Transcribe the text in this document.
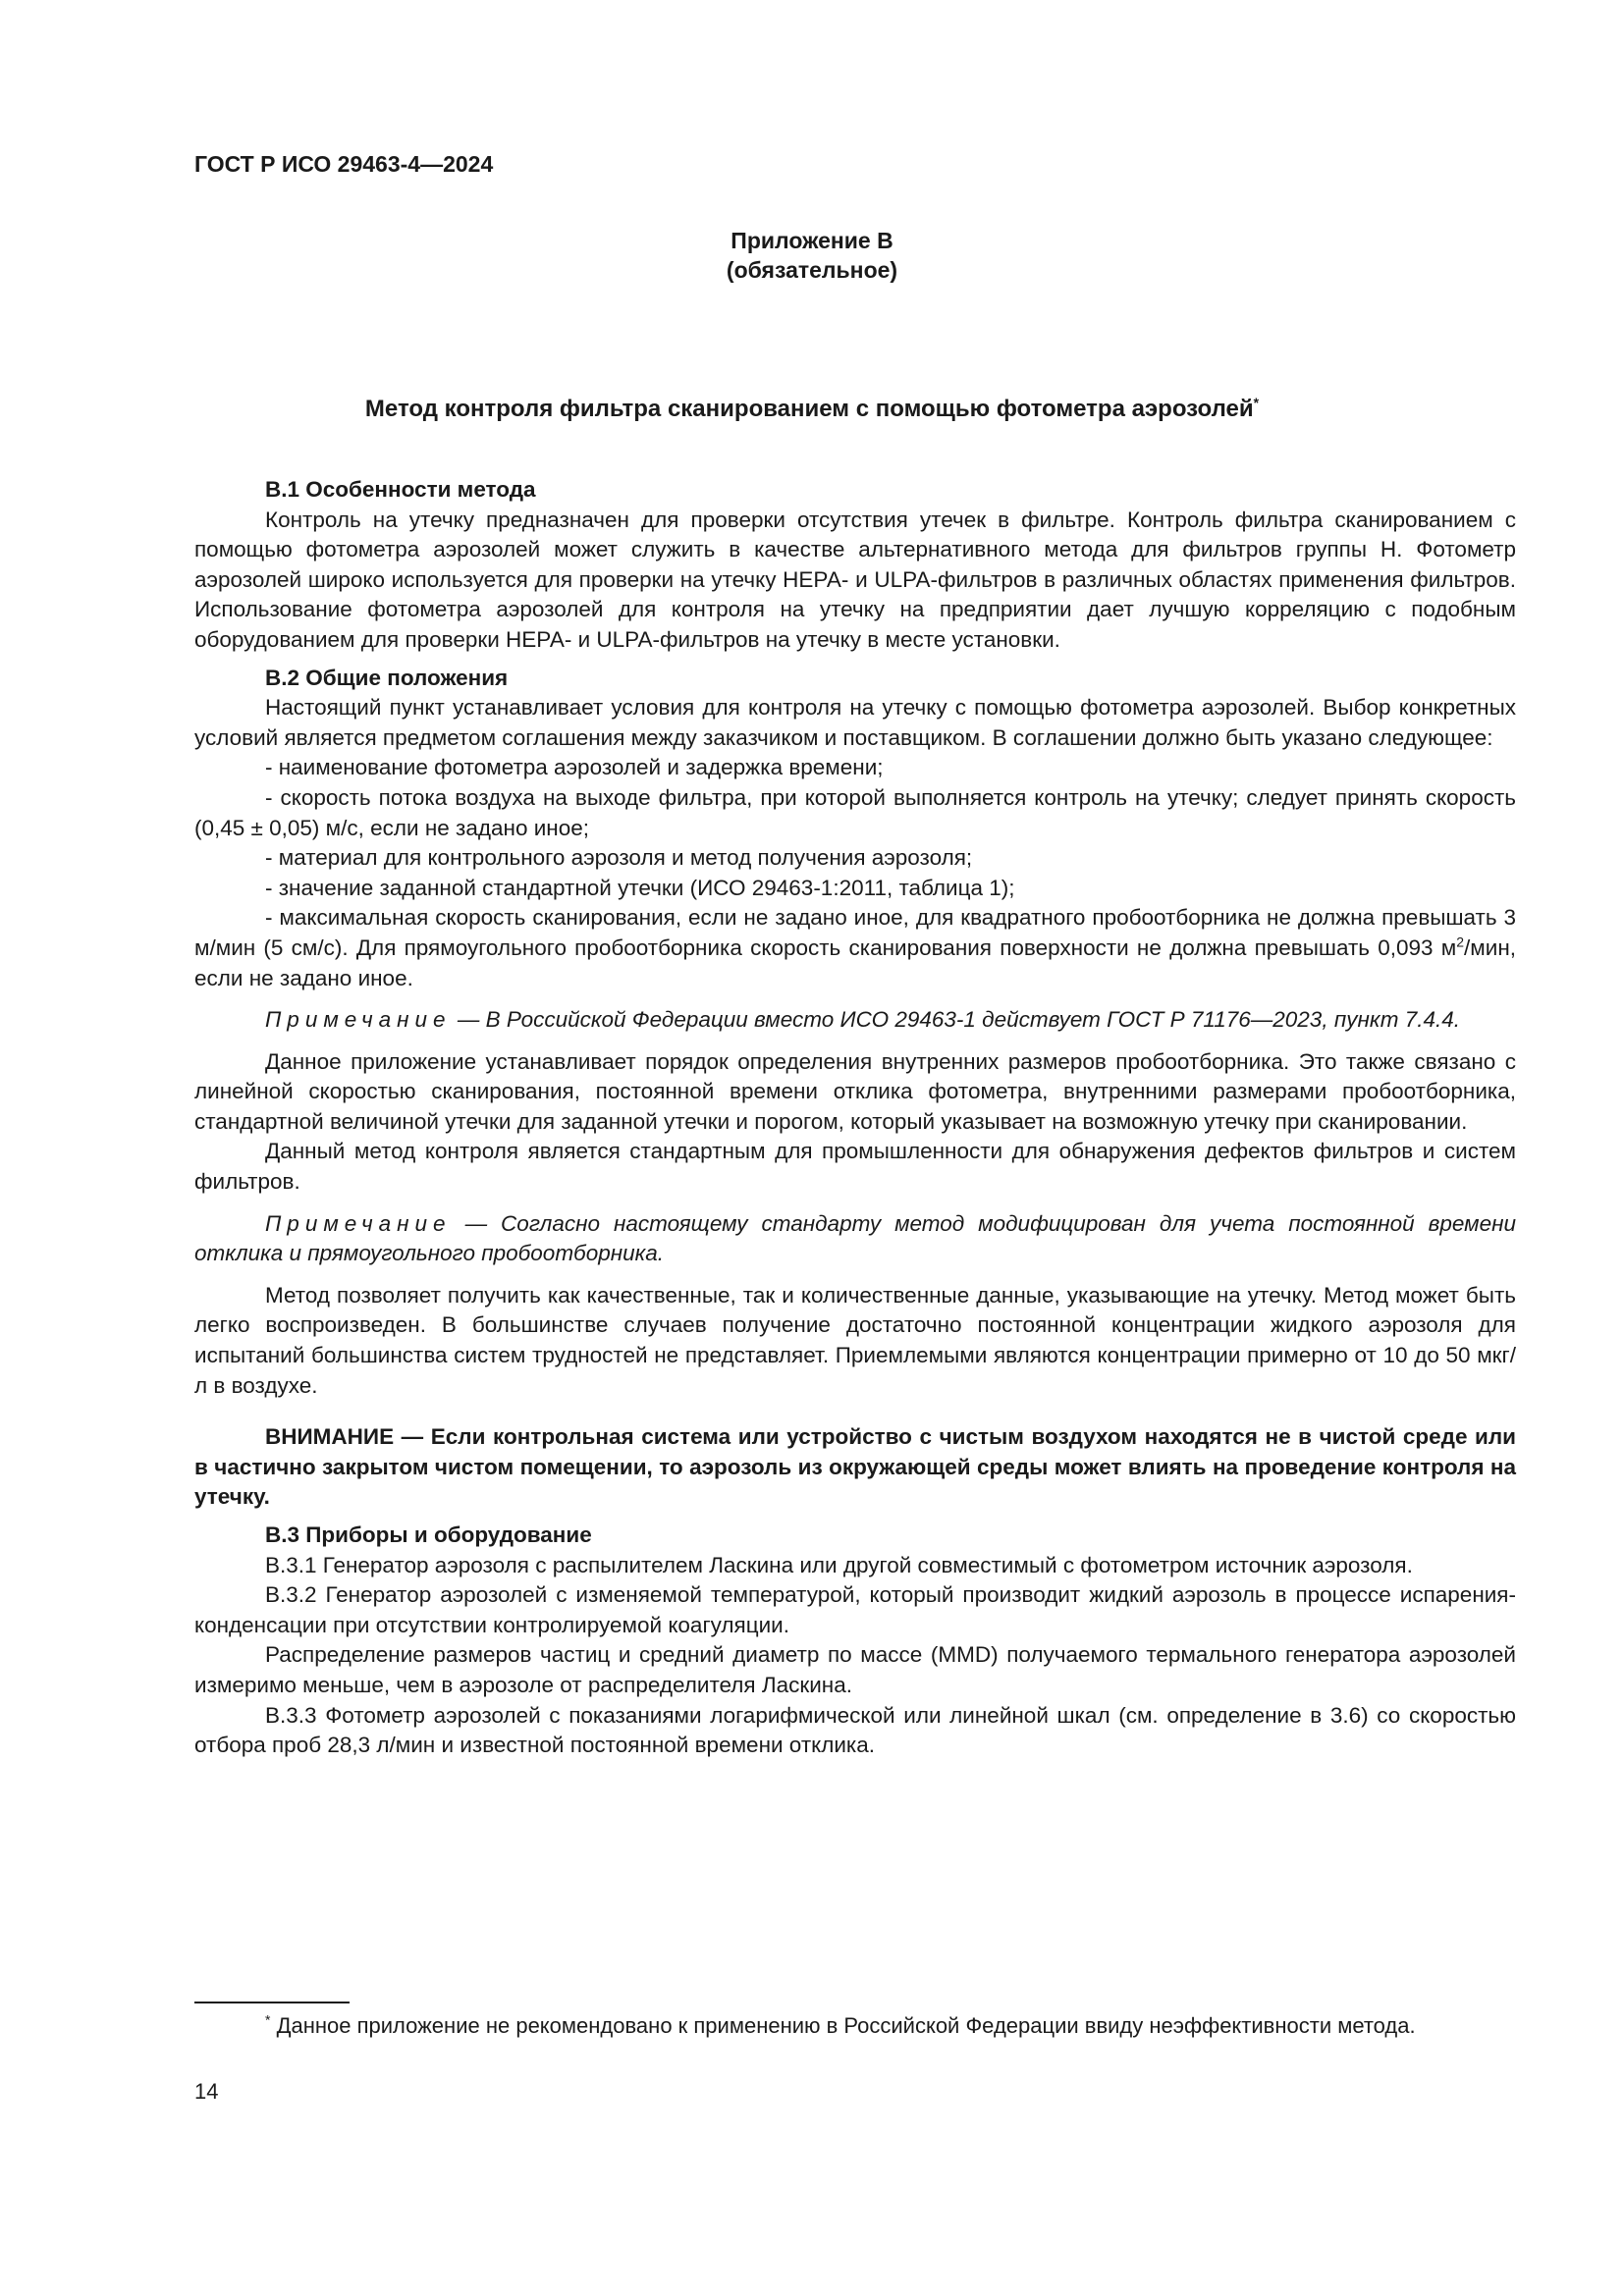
ГОСТ Р ИСО 29463-4—2024
Приложение В
(обязательное)
Метод контроля фильтра сканированием с помощью фотометра аэрозолей*

В.1 Особенности метода

Контроль на утечку предназначен для проверки отсутствия утечек в фильтре. Контроль фильтра сканированием с помощью фотометра аэрозолей может служить в качестве альтернативного метода для фильтров группы Н. Фотометр аэрозолей широко используется для проверки на утечку НЕРА- и ULPA-фильтров в различных областях применения фильтров. Использование фотометра аэрозолей для контроля на утечку на предприятии дает лучшую корреляцию с подобным оборудованием для проверки НЕРА- и ULPA-фильтров на утечку в месте установки.

В.2 Общие положения

Настоящий пункт устанавливает условия для контроля на утечку с помощью фотометра аэрозолей. Выбор конкретных условий является предметом соглашения между заказчиком и поставщиком. В соглашении должно быть указано следующее:

- наименование фотометра аэрозолей и задержка времени;

- скорость потока воздуха на выходе фильтра, при которой выполняется контроль на утечку; следует принять скорость (0,45 ± 0,05) м/с, если не задано иное;

- материал для контрольного аэрозоля и метод получения аэрозоля;

- значение заданной стандартной утечки (ИСО 29463-1:2011, таблица 1);

- максимальная скорость сканирования, если не задано иное, для квадратного пробоотборника не должна превышать 3 м/мин (5 см/с). Для прямоугольного пробоотборника скорость сканирования поверхности не должна превышать 0,093 $м^2$/мин, если не задано иное.

Примечание — В Российской Федерации вместо ИСО 29463-1 действует ГОСТ Р 71176—2023, пункт 7.4.4.

Данное приложение устанавливает порядок определения внутренних размеров пробоотборника. Это также связано с линейной скоростью сканирования, постоянной времени отклика фотометра, внутренними размерами пробоотборника, стандартной величиной утечки для заданной утечки и порогом, который указывает на возможную утечку при сканировании.

Данный метод контроля является стандартным для промышленности для обнаружения дефектов фильтров и систем фильтров.

Примечание — Согласно настоящему стандарту метод модифицирован для учета постоянной времени отклика и прямоугольного пробоотборника.

Метод позволяет получить как качественные, так и количественные данные, указывающие на утечку. Метод может быть легко воспроизведен. В большинстве случаев получение достаточно постоянной концентрации жидкого аэрозоля для испытаний большинства систем трудностей не представляет. Приемлемыми являются концентрации примерно от 10 до 50 мкг/л в воздухе.

ВНИМАНИЕ — Если контрольная система или устройство с чистым воздухом находятся не в чистой среде или в частично закрытом чистом помещении, то аэрозоль из окружающей среды может влиять на проведение контроля на утечку.

В.3 Приборы и оборудование

В.3.1 Генератор аэрозоля с распылителем Ласкина или другой совместимый с фотометром источник аэрозоля.

В.3.2 Генератор аэрозолей с изменяемой температурой, который производит жидкий аэрозоль в процессе испарения-конденсации при отсутствии контролируемой коагуляции.

Распределение размеров частиц и средний диаметр по массе (MMD) получаемого термального генератора аэрозолей измеримо меньше, чем в аэрозоле от распределителя Ласкина.

В.3.3 Фотометр аэрозолей с показаниями логарифмической или линейной шкал (см. определение в 3.6) со скоростью отбора проб 28,3 л/мин и известной постоянной времени отклика.

* Данное приложение не рекомендовано к применению в Российской Федерации ввиду неэффективности метода.
14
